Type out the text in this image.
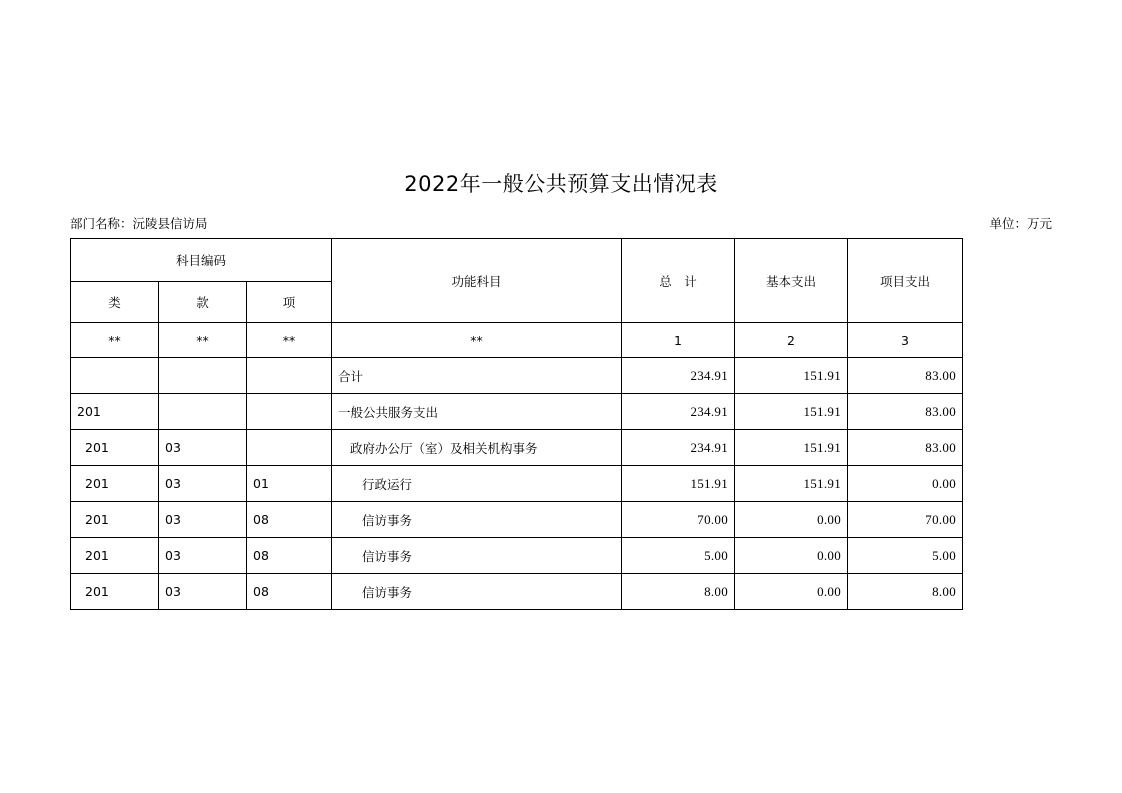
2022年一般公共预算支出情况表
部门名称：沅陵县信访局	单位：万元
科目编码			功能科目	总　计	基本支出	项目支出
类	款	项				
**	**	**	**	1	2	3
			合计	234.91	151.91	83.00
201			一般公共服务支出	234.91	151.91	83.00
201	03		政府办公厅（室）及相关机构事务	234.91	151.91	83.00
201	03	01	行政运行	151.91	151.91	0.00
201	03	08	信访事务	70.00	0.00	70.00
201	03	08	信访事务	5.00	0.00	5.00
201	03	08	信访事务	8.00	0.00	8.00
